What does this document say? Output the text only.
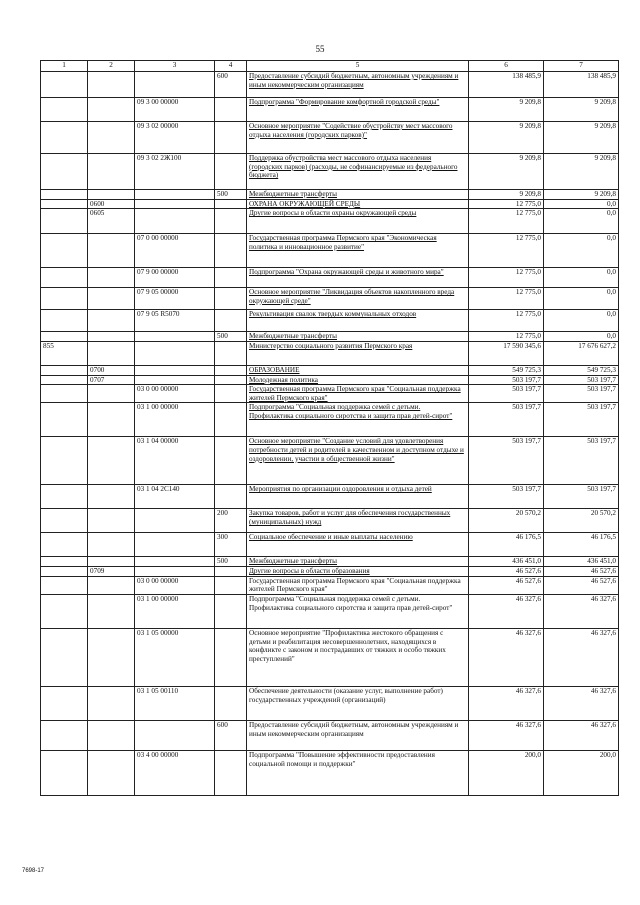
55
1	2	3	4	5	6	7
			600	Предоставление субсидий бюджетным, автономным учреждениям и иным некоммерческим организациям	138 485,9	138 485,9
		09 3 00 00000		Подпрограмма "Формирование комфортной городской среды"	9 209,8	9 209,8
		09 3 02 00000		Основное мероприятие "Содействие обустройству мест массового отдыха населения (городских парков)"	9 209,8	9 209,8
		09 3 02 2Ж100		Поддержка обустройства мест массового отдыха населения (городских парков) (расходы, не софинансируемые из федерального бюджета)	9 209,8	9 209,8
			500	Межбюджетные трансферты	9 209,8	9 209,8
	0600			ОХРАНА ОКРУЖАЮЩЕЙ СРЕДЫ	12 775,0	0,0
	0605			Другие вопросы в области охраны окружающей среды	12 775,0	0,0
		07 0 00 00000		Государственная программа Пермского края "Экономическая политика и инновационное развитие"	12 775,0	0,0
		07 9 00 00000		Подпрограмма "Охрана окружающей среды и животного мира"	12 775,0	0,0
		07 9 05 00000		Основное мероприятие "Ликвидация объектов накопленного вреда окружающей среде"	12 775,0	0,0
		07 9 05 R5070		Рекультивация свалок твердых коммунальных отходов	12 775,0	0,0
			500	Межбюджетные трансферты	12 775,0	0,0
855				Министерство социального развития Пермского края	17 590 345,6	17 676 627,2
	0700			ОБРАЗОВАНИЕ	549 725,3	549 725,3
	0707			Молодежная политика	503 197,7	503 197,7
		03 0 00 00000		Государственная программа Пермского края "Социальная поддержка жителей Пермского края"	503 197,7	503 197,7
		03 1 00 00000		Подпрограмма "Социальная поддержка семей с детьми. Профилактика социального сиротства и защита прав детей-сирот"	503 197,7	503 197,7
		03 1 04 00000		Основное мероприятие "Создание условий для удовлетворения потребности детей и родителей в качественном и доступном отдыхе и оздоровлении, участии в общественной жизни"	503 197,7	503 197,7
		03 1 04 2С140		Мероприятия по организации оздоровления и отдыха детей	503 197,7	503 197,7
			200	Закупка товаров, работ и услуг для обеспечения государственных (муниципальных) нужд	20 570,2	20 570,2
			300	Социальное обеспечение и иные выплаты населению	46 176,5	46 176,5
			500	Межбюджетные трансферты	436 451,0	436 451,0
	0709			Другие вопросы в области образования	46 527,6	46 527,6
		03 0 00 00000		Государственная программа Пермского края "Социальная поддержка жителей Пермского края"	46 527,6	46 527,6
		03 1 00 00000		Подпрограмма "Социальная поддержка семей с детьми. Профилактика социального сиротства и защита прав детей-сирот"	46 327,6	46 327,6
		03 1 05 00000		Основное мероприятие "Профилактика жестокого обращения с детьми и реабилитация несовершеннолетних, находящихся в конфликте с законом и пострадавших от тяжких и особо тяжких преступлений"	46 327,6	46 327,6
		03 1 05 00110		Обеспечение деятельности (оказание услуг, выполнение работ) государственных учреждений (организаций)	46 327,6	46 327,6
			600	Предоставление субсидий бюджетным, автономным учреждениям и иным некоммерческим организациям	46 327,6	46 327,6
		03 4 00 00000		Подпрограмма "Повышение эффективности предоставления социальной помощи и поддержки"	200,0	200,0
7698-17
